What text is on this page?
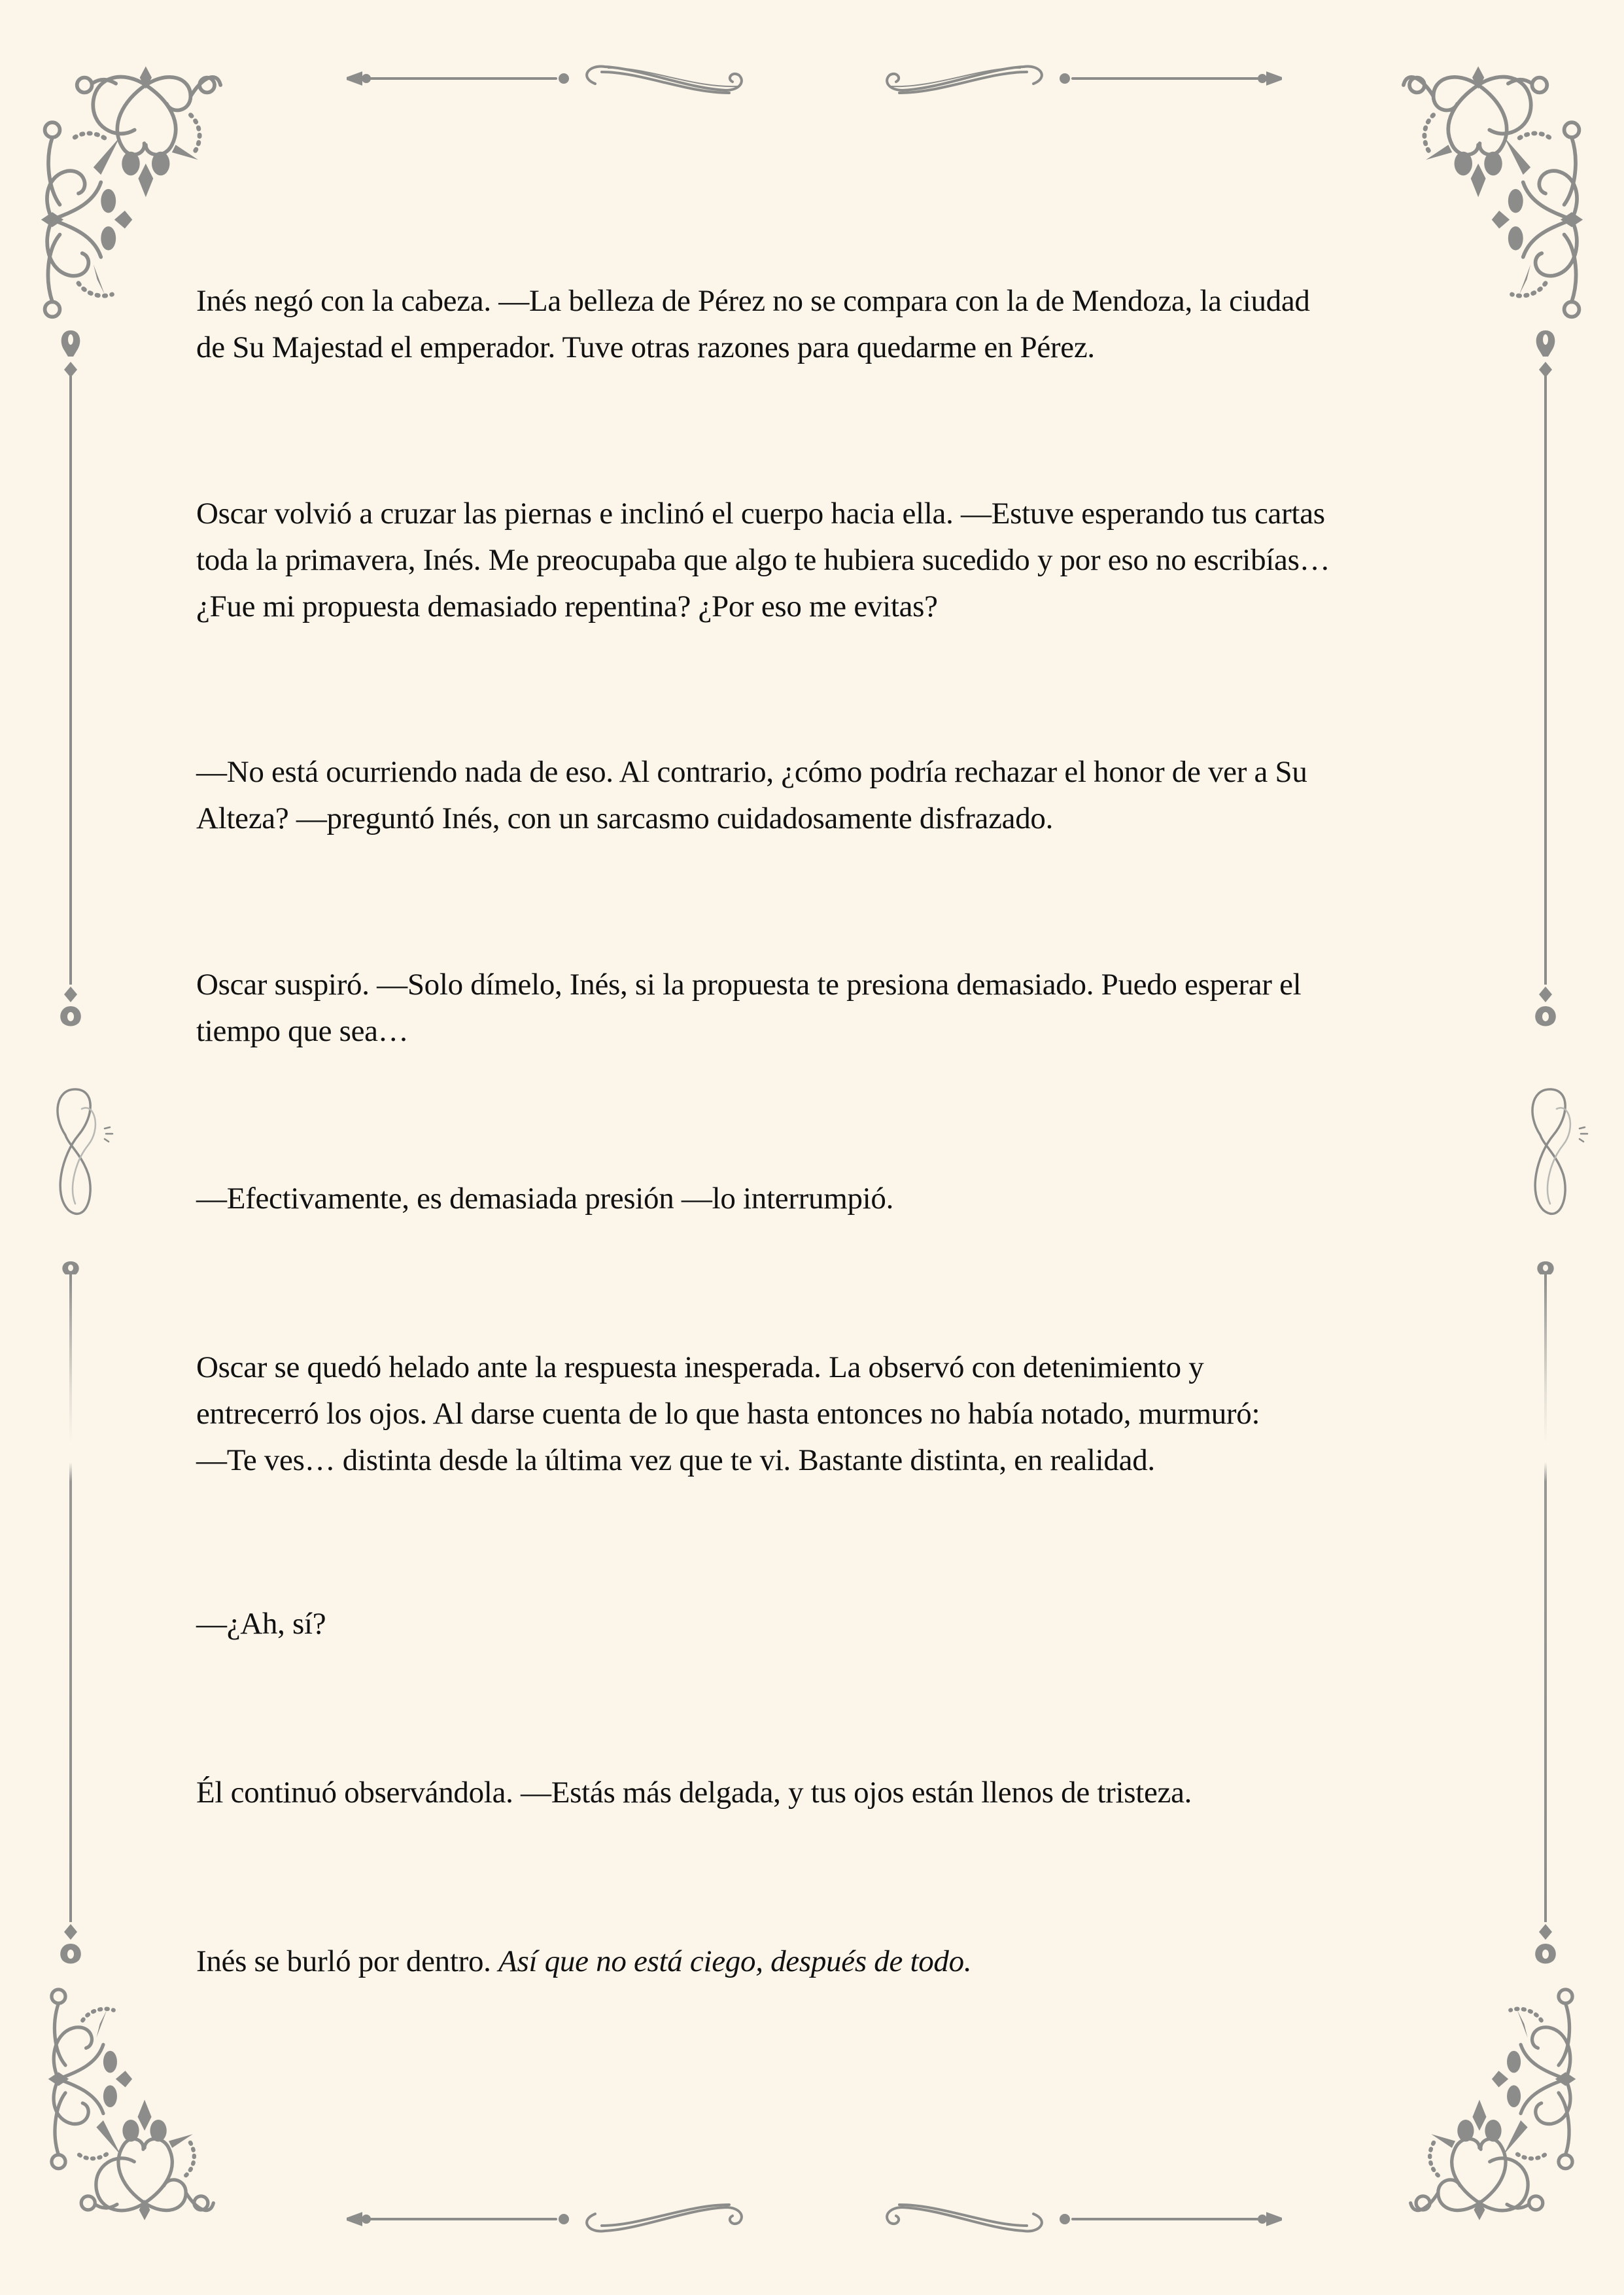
Inés negó con la cabeza. —La belleza de Pérez no se compara con la de Mendoza, la ciudad
de Su Majestad el emperador. Tuve otras razones para quedarme en Pérez.

Oscar volvió a cruzar las piernas e inclinó el cuerpo hacia ella. —Estuve esperando tus cartas
toda la primavera, Inés. Me preocupaba que algo te hubiera sucedido y por eso no escribías…
¿Fue mi propuesta demasiado repentina? ¿Por eso me evitas?

—No está ocurriendo nada de eso. Al contrario, ¿cómo podría rechazar el honor de ver a Su
Alteza? —preguntó Inés, con un sarcasmo cuidadosamente disfrazado.

Oscar suspiró. —Solo dímelo, Inés, si la propuesta te presiona demasiado. Puedo esperar el
tiempo que sea…

—Efectivamente, es demasiada presión —lo interrumpió.

Oscar se quedó helado ante la respuesta inesperada. La observó con detenimiento y
entrecerró los ojos. Al darse cuenta de lo que hasta entonces no había notado, murmuró:
—Te ves… distinta desde la última vez que te vi. Bastante distinta, en realidad.

—¿Ah, sí?

Él continuó observándola. —Estás más delgada, y tus ojos están llenos de tristeza.

Inés se burló por dentro. Así que no está ciego, después de todo.
